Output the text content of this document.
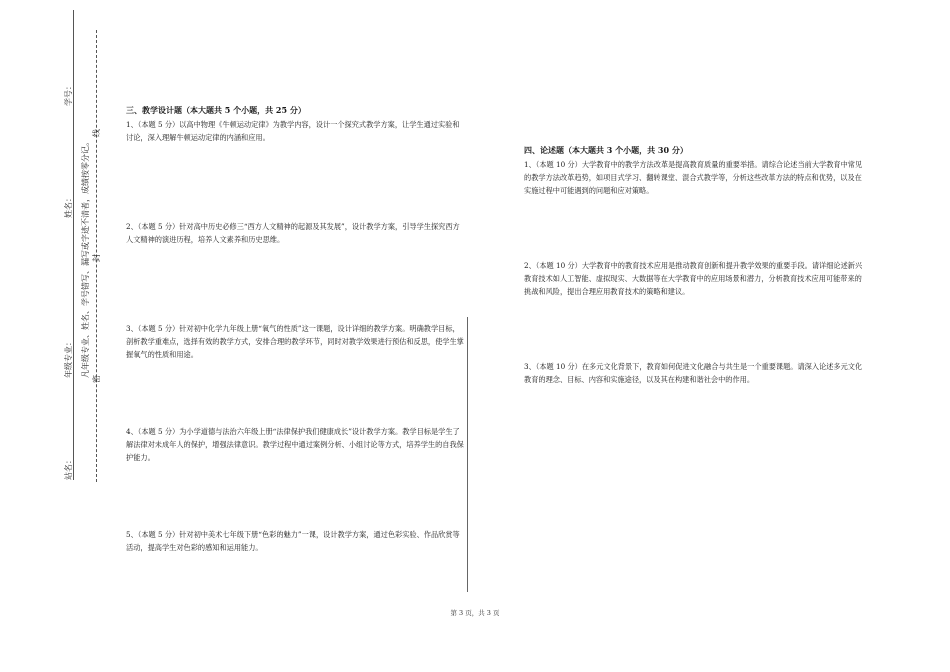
学号：
姓名：
年级专业：
站名：
凡年级专业、姓名、学号错写、漏写或字迹不清者，成绩按零分记。
线
封
密
三、教学设计题（本大题共 5 个小题，共 25 分）
1、（本题 5 分）以高中物理《牛顿运动定律》为教学内容，设计一个探究式教学方案，让学生通过实验和讨论，深入理解牛顿运动定律的内涵和应用。
2、（本题 5 分）针对高中历史必修三“西方人文精神的起源及其发展”，设计教学方案，引导学生探究西方人文精神的演进历程，培养人文素养和历史思维。
3、（本题 5 分）针对初中化学九年级上册“氧气的性质”这一课题，设计详细的教学方案。明确教学目标，剖析教学重难点，选择有效的教学方式，安排合理的教学环节，同时对教学效果进行预估和反思，使学生掌握氧气的性质和用途。
4、（本题 5 分）为小学道德与法治六年级上册“法律保护我们健康成长”设计教学方案。教学目标是学生了解法律对未成年人的保护，增强法律意识。教学过程中通过案例分析、小组讨论等方式，培养学生的自我保护能力。
5、（本题 5 分）针对初中美术七年级下册“色彩的魅力”一课，设计教学方案，通过色彩实验、作品欣赏等活动，提高学生对色彩的感知和运用能力。
四、论述题（本大题共 3 个小题，共 30 分）
1、（本题 10 分）大学教育中的教学方法改革是提高教育质量的重要举措。请综合论述当前大学教育中常见的教学方法改革趋势，如项目式学习、翻转课堂、混合式教学等，分析这些改革方法的特点和优势，以及在实施过程中可能遇到的问题和应对策略。
2、（本题 10 分）大学教育中的教育技术应用是推动教育创新和提升教学效果的重要手段。请详细论述新兴教育技术如人工智能、虚拟现实、大数据等在大学教育中的应用场景和潜力，分析教育技术应用可能带来的挑战和风险，提出合理应用教育技术的策略和建议。
3、（本题 10 分）在多元文化背景下，教育如何促进文化融合与共生是一个重要课题。请深入论述多元文化教育的理念、目标、内容和实施途径，以及其在构建和谐社会中的作用。
第 3 页，共 3 页
